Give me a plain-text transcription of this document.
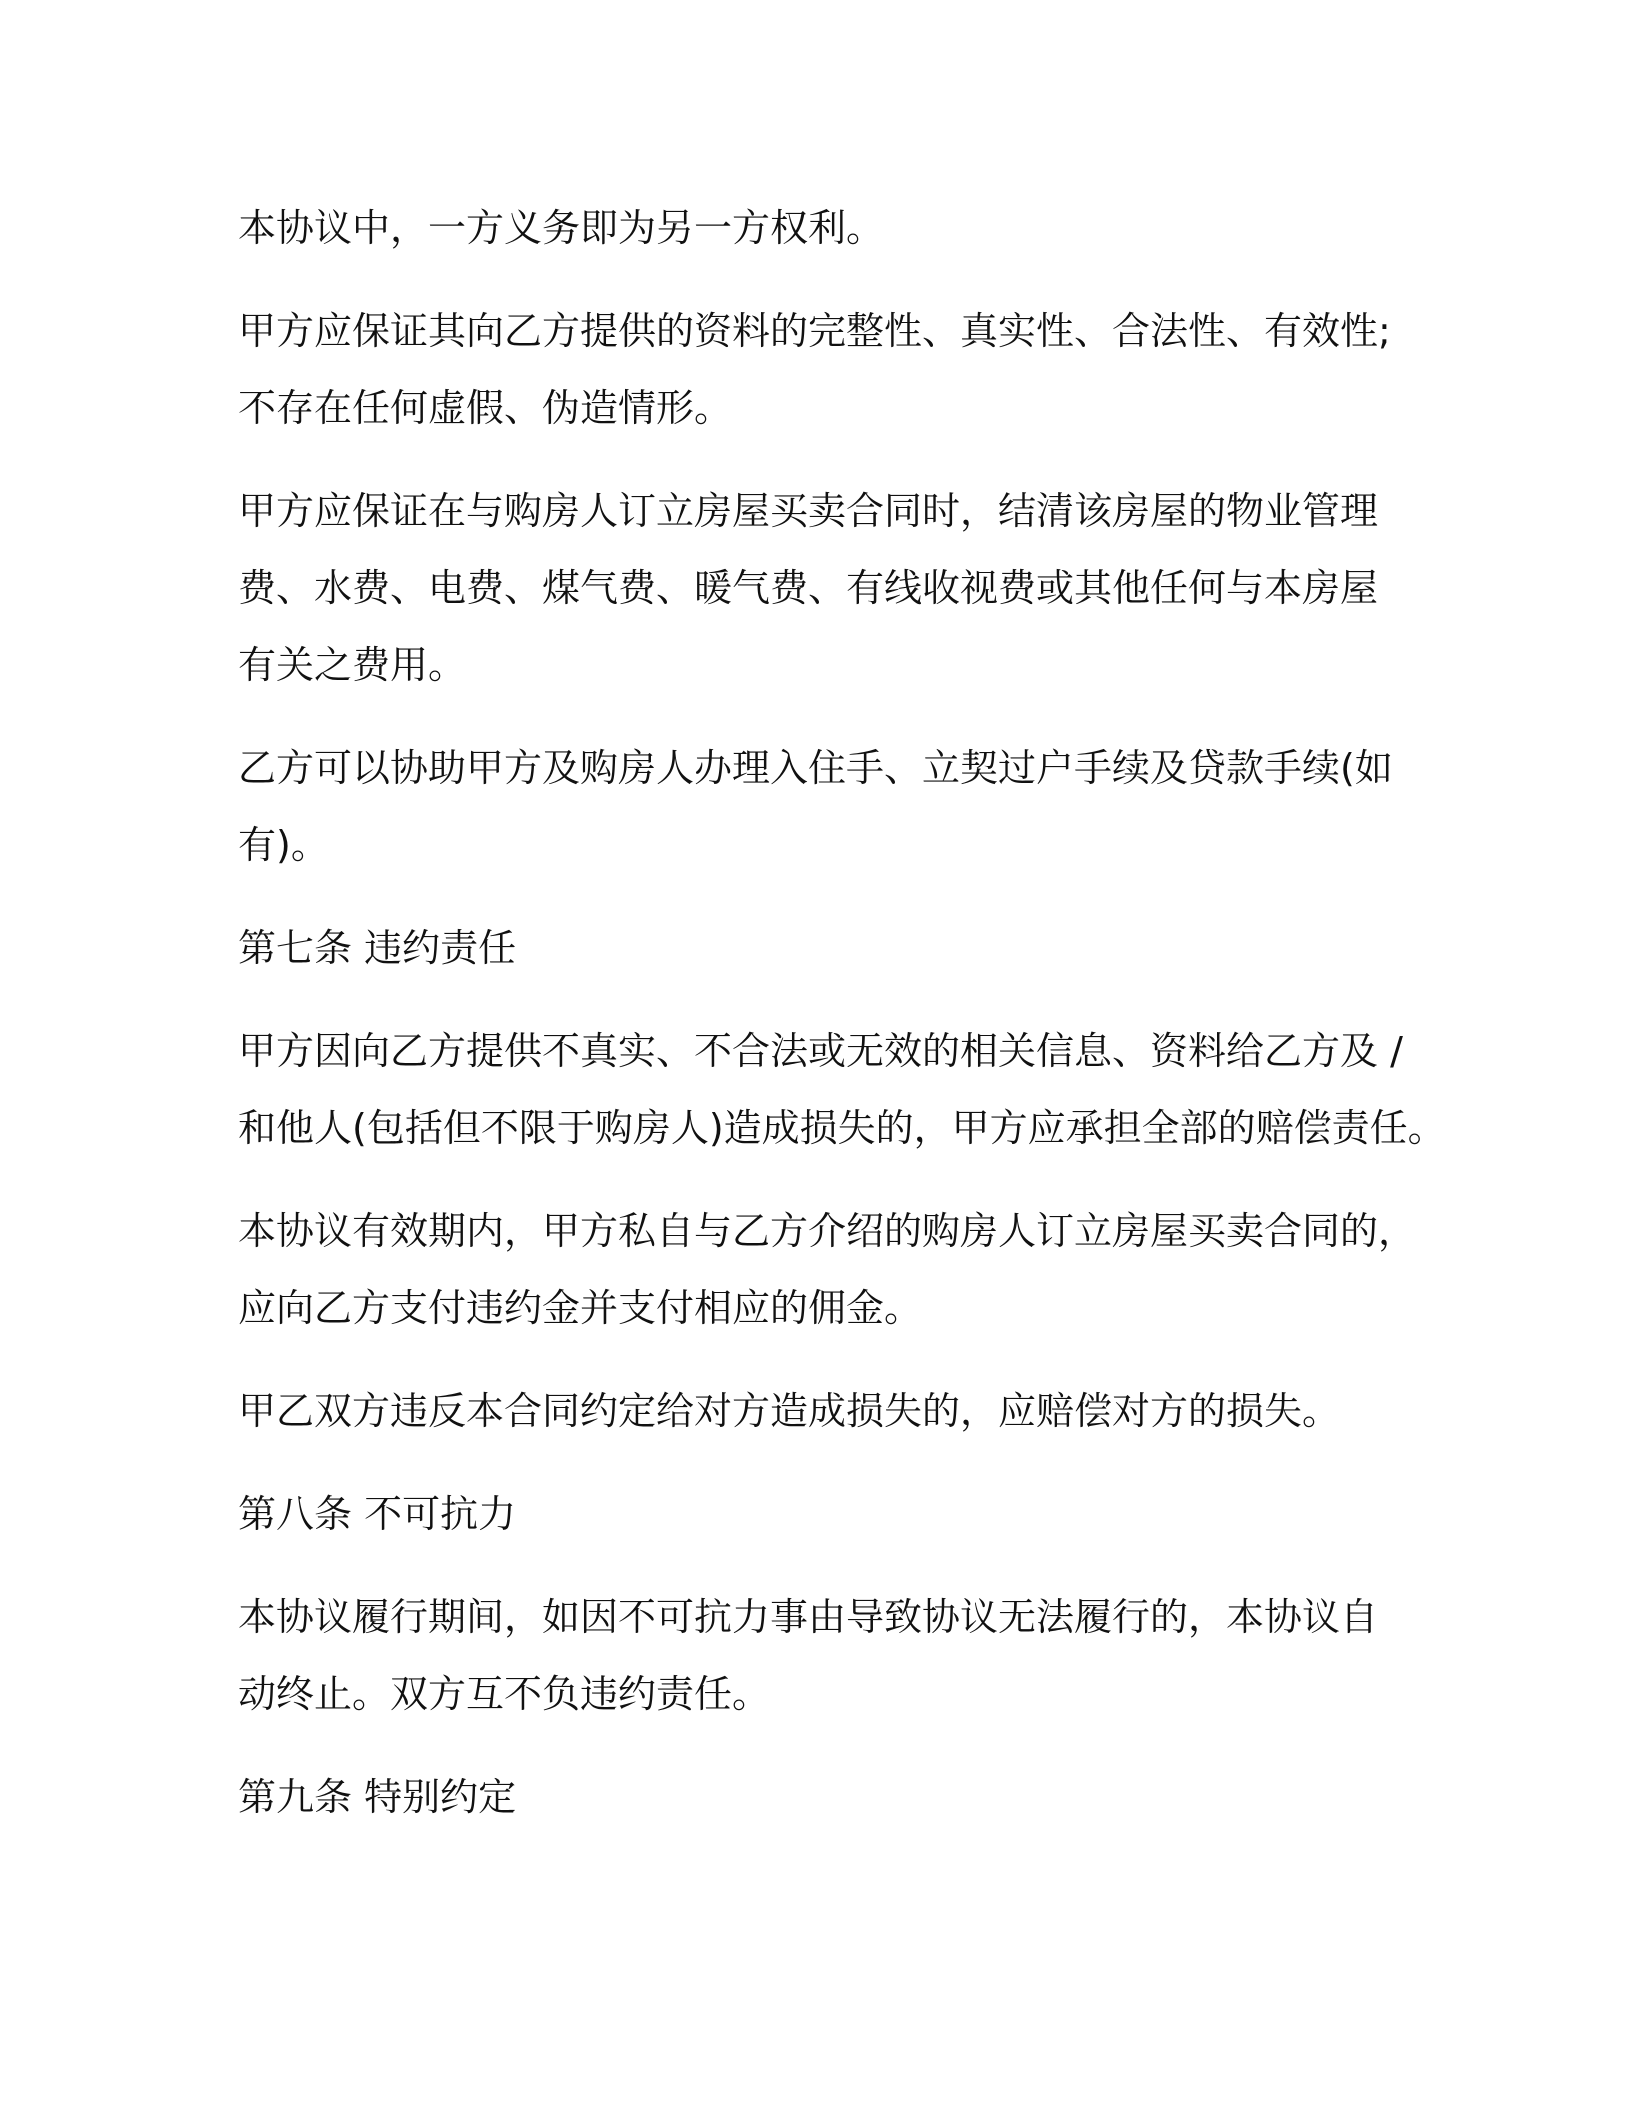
本协议中，一方义务即为另一方权利。
甲方应保证其向乙方提供的资料的完整性、真实性、合法性、有效性;
不存在任何虚假、伪造情形。
甲方应保证在与购房人订立房屋买卖合同时，结清该房屋的物业管理
费、水费、电费、煤气费、暖气费、有线收视费或其他任何与本房屋
有关之费用。
乙方可以协助甲方及购房人办理入住手、立契过户手续及贷款手续(如
有)。
第七条 违约责任
甲方因向乙方提供不真实、不合法或无效的相关信息、资料给乙方及 /
和他人(包括但不限于购房人)造成损失的，甲方应承担全部的赔偿责任。
本协议有效期内，甲方私自与乙方介绍的购房人订立房屋买卖合同的，
应向乙方支付违约金并支付相应的佣金。
甲乙双方违反本合同约定给对方造成损失的，应赔偿对方的损失。
第八条 不可抗力
本协议履行期间，如因不可抗力事由导致协议无法履行的，本协议自
动终止。双方互不负违约责任。
第九条 特别约定
